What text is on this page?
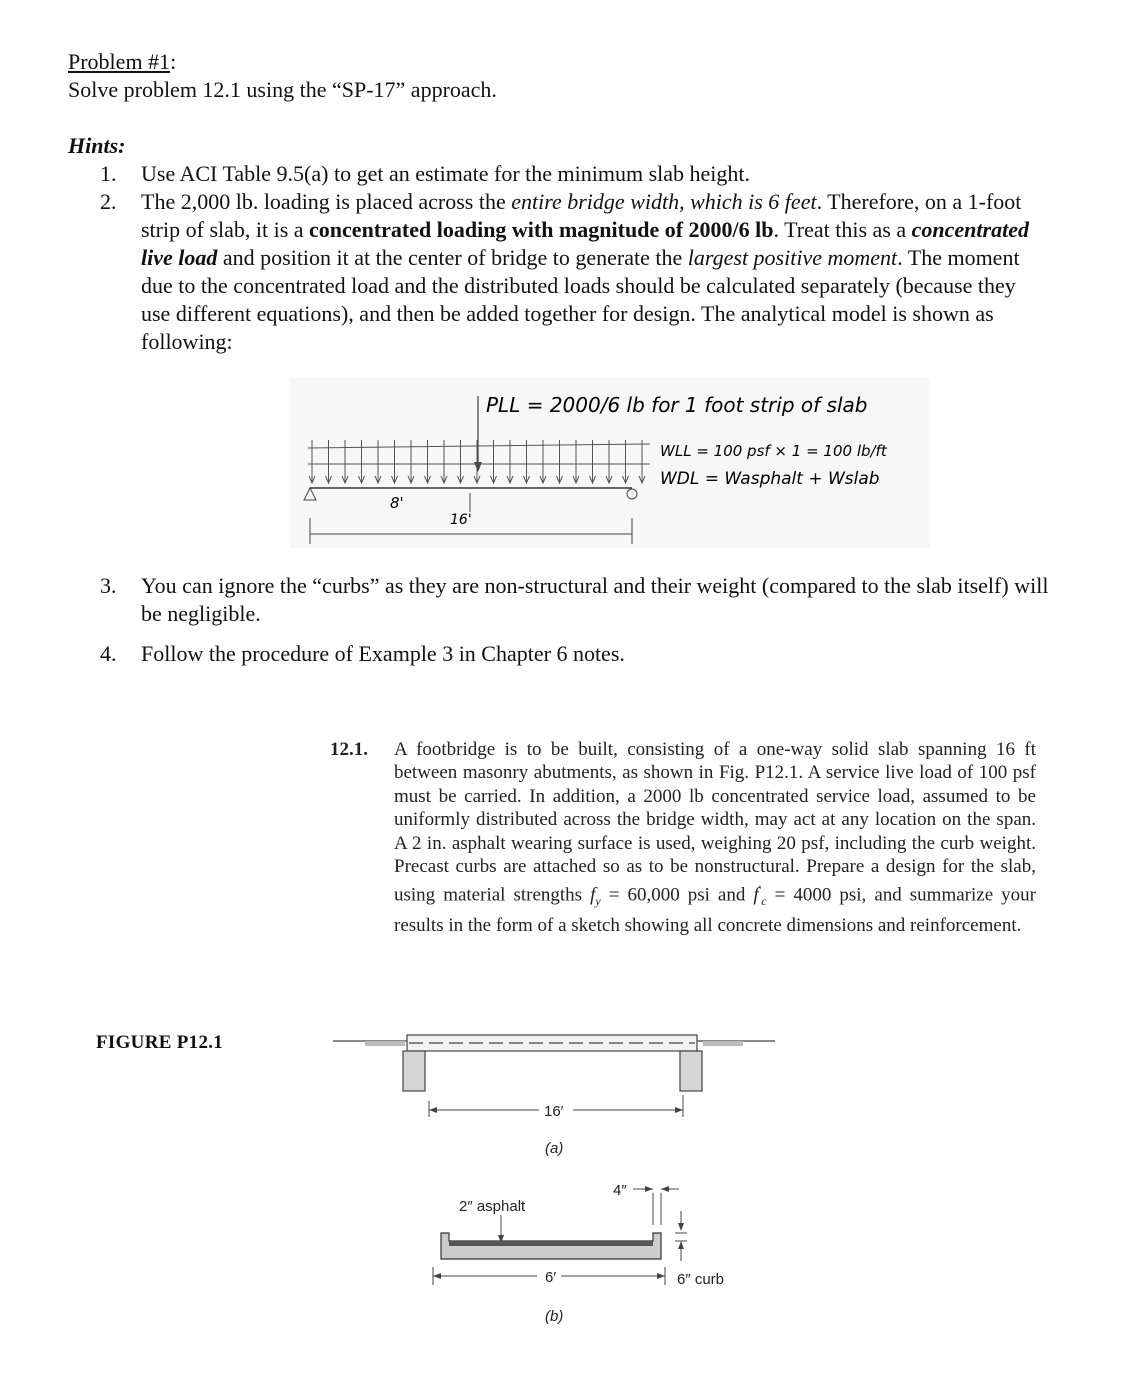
Problem #1:
Solve problem 12.1 using the “SP-17” approach.
Hints:
1.	Use ACI Table 9.5(a) to get an estimate for the minimum slab height.
2.	The 2,000 lb. loading is placed across the entire bridge width, which is 6 feet. Therefore, on a 1-foot strip of slab, it is a concentrated loading with magnitude of 2000/6 lb. Treat this as a concentrated live load and position it at the center of bridge to generate the largest positive moment. The moment due to the concentrated load and the distributed loads should be calculated separately (because they use different equations), and then be added together for design. The analytical model is shown as following:
PLL = 2000/6 lb for 1 foot strip of slab
WLL = 100 psf × 1 = 100 lb/ft
WDL = Wasphalt + Wslab
8'
16'
3.	You can ignore the “curbs” as they are non-structural and their weight (compared to the slab itself) will be negligible.
4.	Follow the procedure of Example 3 in Chapter 6 notes.
12.1.	A footbridge is to be built, consisting of a one-way solid slab spanning 16 ft between masonry abutments, as shown in Fig. P12.1. A service live load of 100 psf must be carried. In addition, a 2000 lb concentrated service load, assumed to be uniformly distributed across the bridge width, may act at any location on the span. A 2 in. asphalt wearing surface is used, weighing 20 psf, including the curb weight. Precast curbs are attached so as to be nonstructural. Prepare a design for the slab, using material strengths $f_y = 60,000$ psi and $f'_c = 4000$ psi, and summarize your results in the form of a sketch showing all concrete dimensions and reinforcement.
FIGURE P12.1
16′
(a)
2″ asphalt
4″
6′	6″ curb
(b)
